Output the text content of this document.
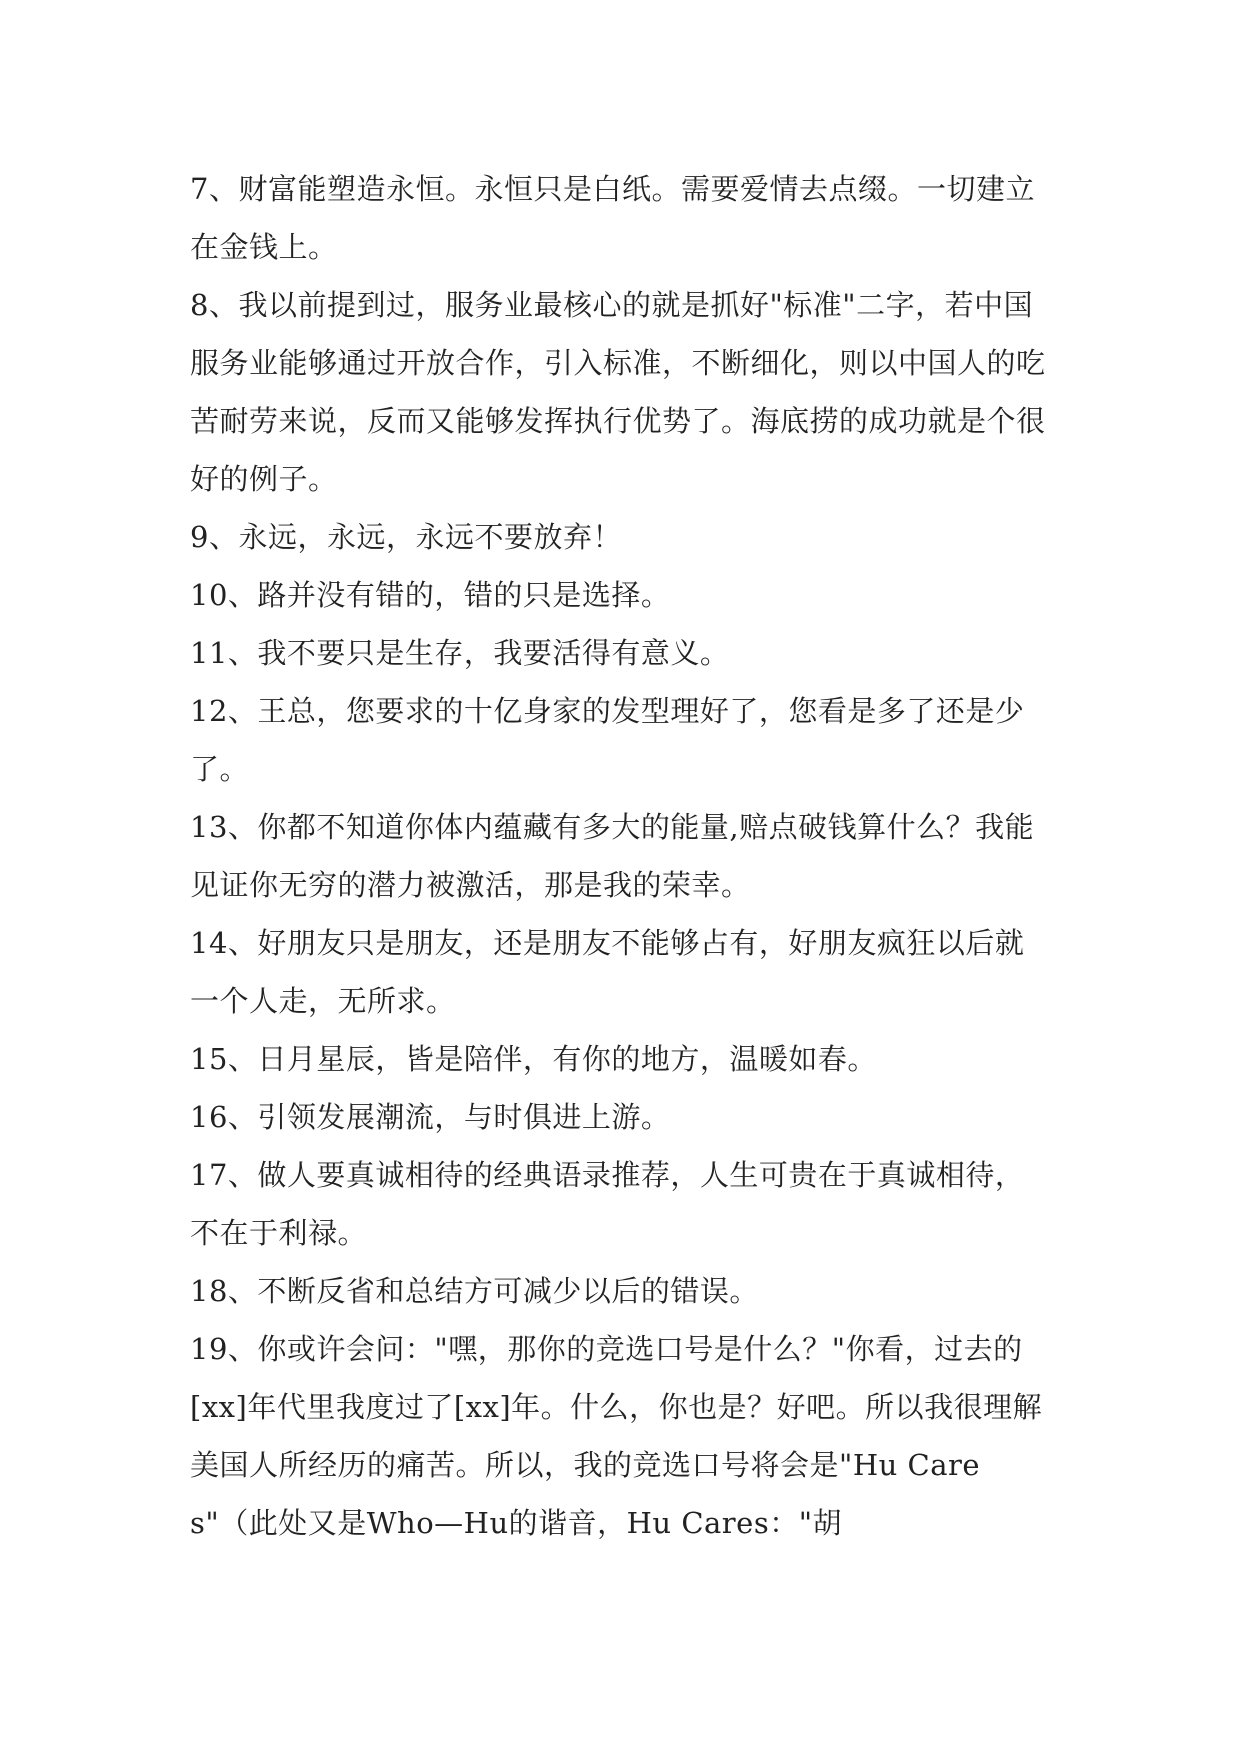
7、财富能塑造永恒。永恒只是白纸。需要爱情去点缀。一切建立在金钱上。

8、我以前提到过，服务业最核心的就是抓好"标准"二字，若中国服务业能够通过开放合作，引入标准，不断细化，则以中国人的吃苦耐劳来说，反而又能够发挥执行优势了。海底捞的成功就是个很好的例子。

9、永远，永远，永远不要放弃！

10、路并没有错的，错的只是选择。

11、我不要只是生存，我要活得有意义。

12、王总，您要求的十亿身家的发型理好了，您看是多了还是少了。

13、你都不知道你体内蕴藏有多大的能量,赔点破钱算什么？我能见证你无穷的潜力被激活，那是我的荣幸。

14、好朋友只是朋友，还是朋友不能够占有，好朋友疯狂以后就一个人走，无所求。

15、日月星辰，皆是陪伴，有你的地方，温暖如春。

16、引领发展潮流，与时俱进上游。

17、做人要真诚相待的经典语录推荐，人生可贵在于真诚相待，不在于利禄。

18、不断反省和总结方可减少以后的错误。

19、你或许会问："嘿，那你的竞选口号是什么？"你看，过去的[xx]年代里我度过了[xx]年。什么，你也是？好吧。所以我很理解美国人所经历的痛苦。所以，我的竞选口号将会是"Hu Cares"（此处又是Who—Hu的谐音，Hu Cares："胡
